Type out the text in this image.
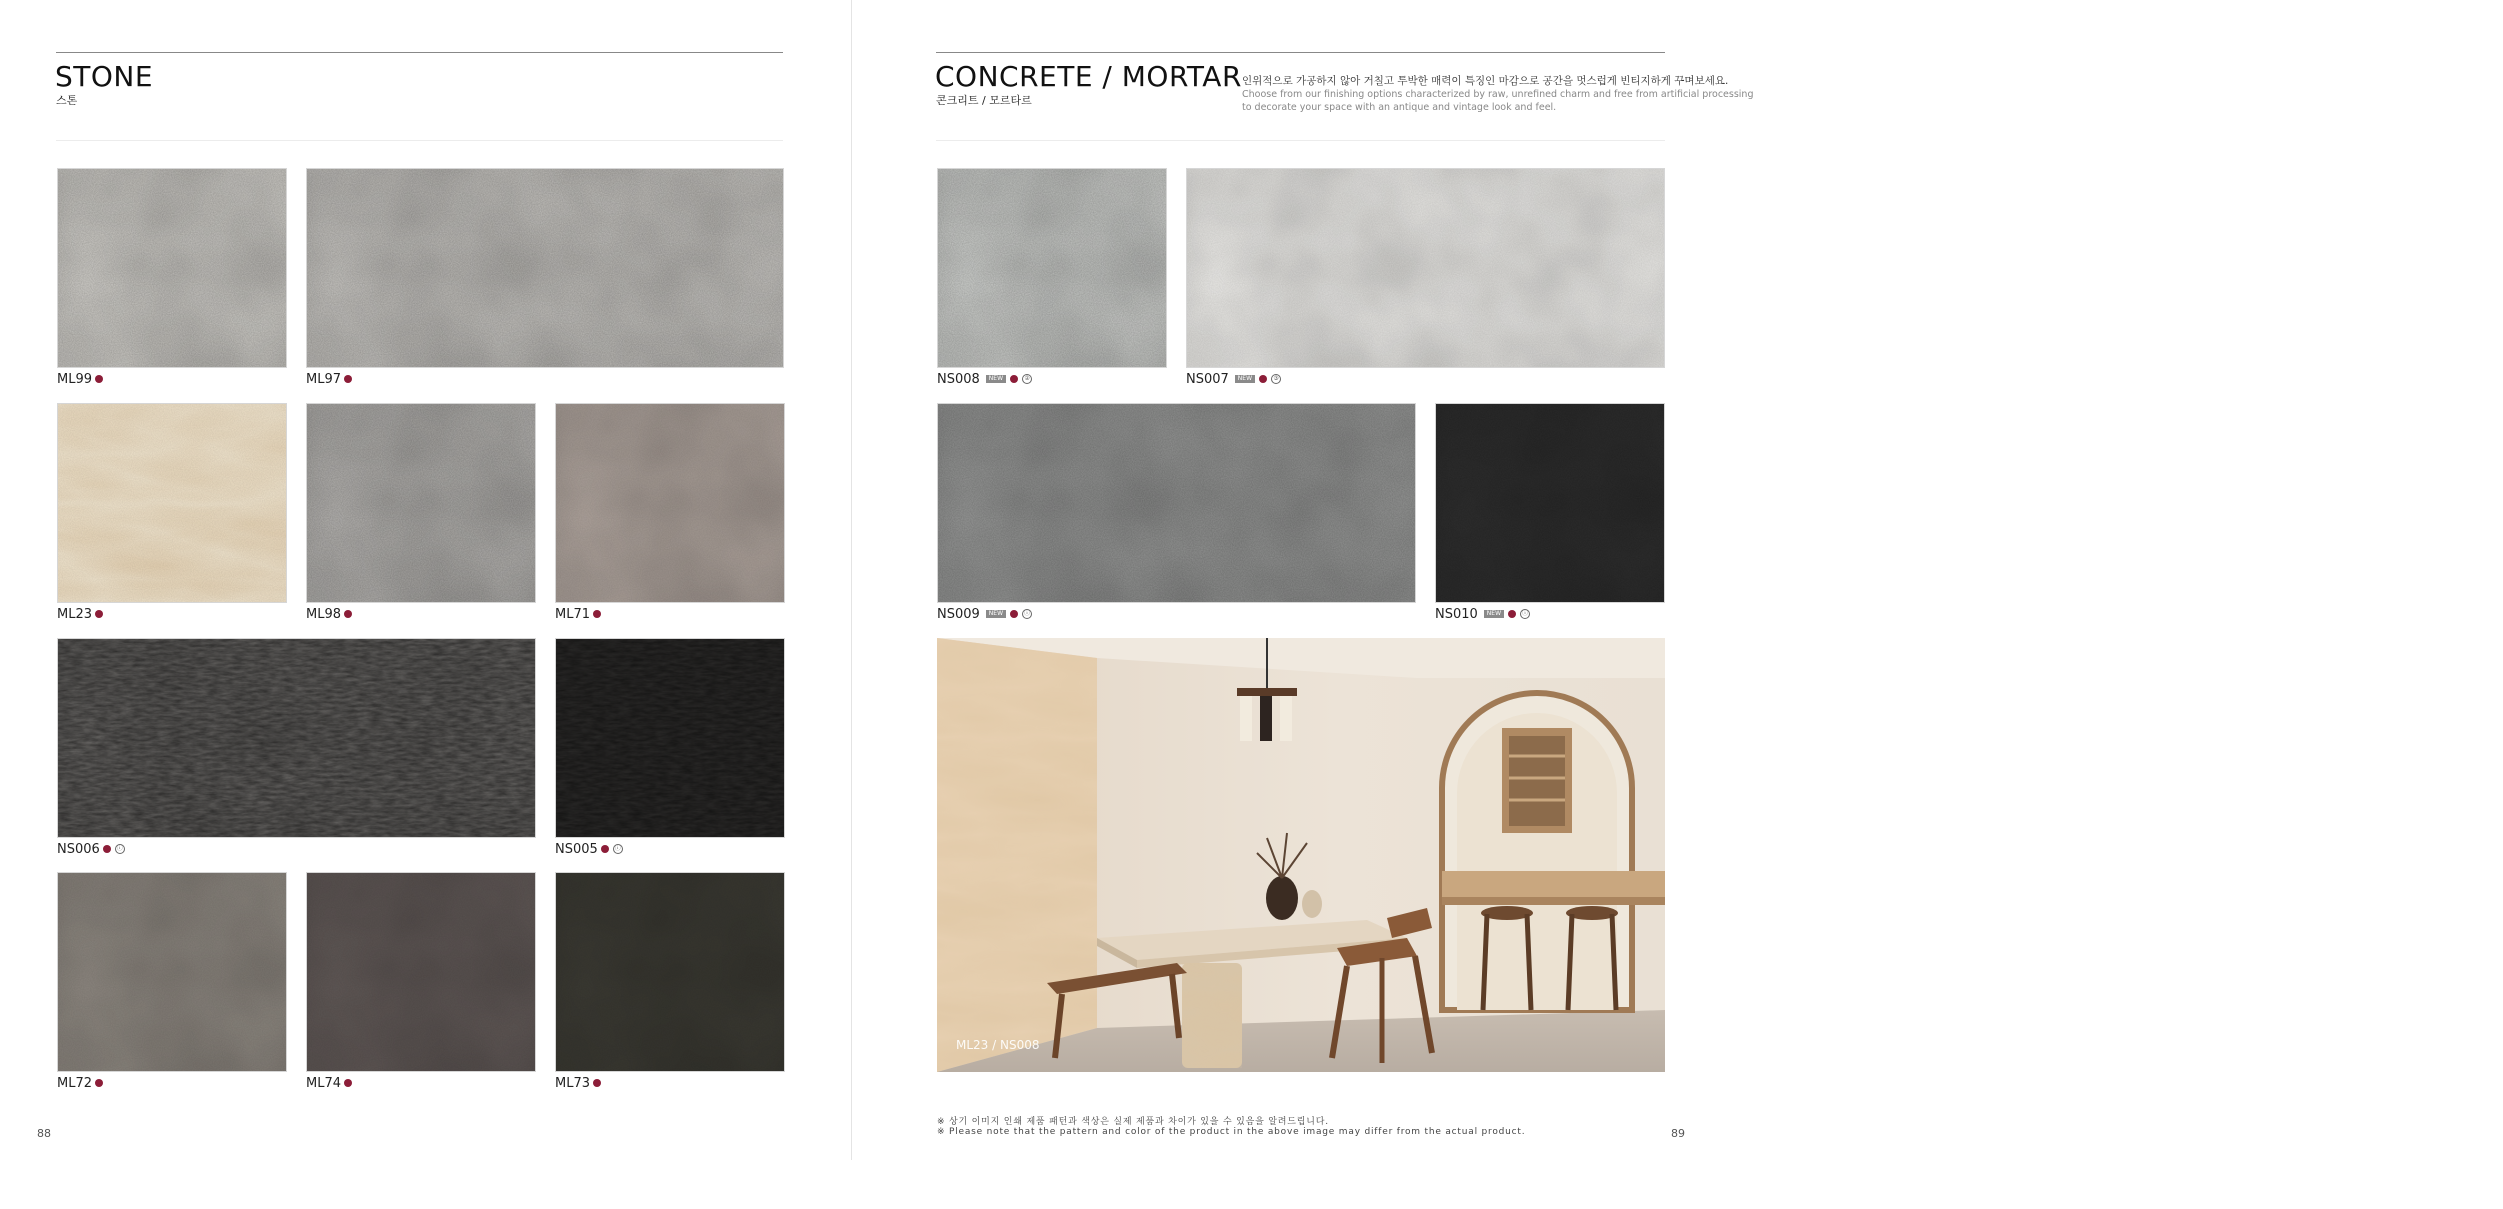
STONE
스톤
ML99	ML97
ML23	ML98	ML71
NS006	ⓘ	NS005	ⓘ
ML72	ML74	ML73
88
CONCRETE / MORTAR
콘크리트 / 모르타르
인위적으로 가공하지 않아 거칠고 투박한 매력이 특징인 마감으로 공간을 멋스럽게 빈티지하게 꾸며보세요.
Choose from our finishing options characterized by raw, unrefined charm and free from artificial processing
to decorate your space with an antique and vintage look and feel.
NS008	NEW	②	NS007	NEW	③
NS009	NEW	ⓘ	NS010	NEW	ⓘ
ML23 / NS008
※ 상기 이미지 인쇄 제품 패턴과 색상은 실제 제품과 차이가 있을 수 있음을 알려드립니다.
※ Please note that the pattern and color of the product in the above image may differ from the actual product.	89
